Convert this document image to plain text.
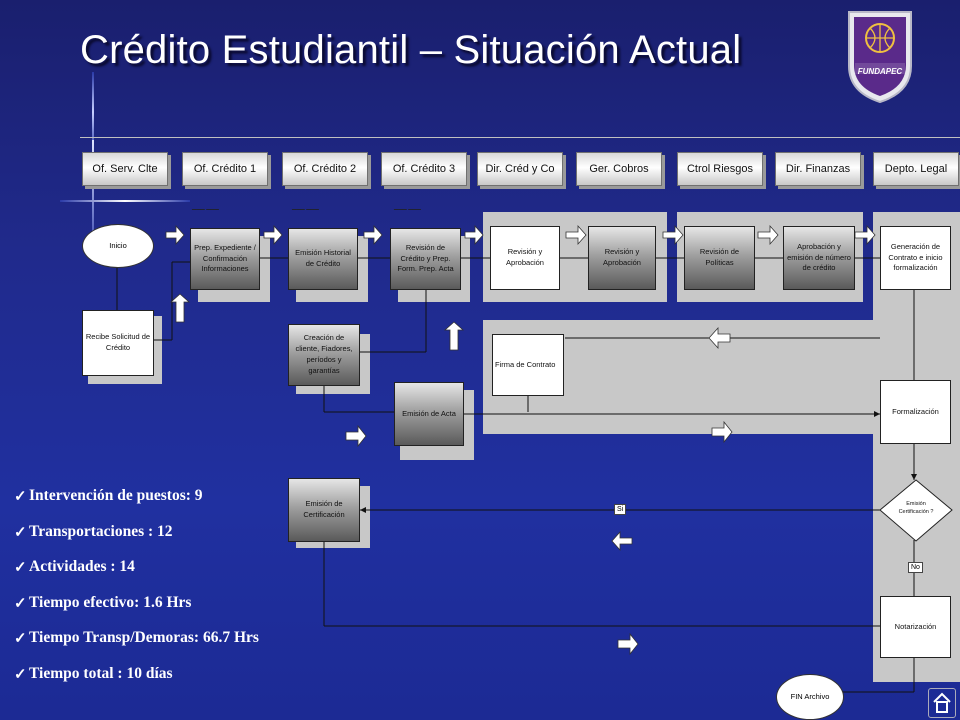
Crédito Estudiantil – Situación Actual	FUNDAPEC
Of. Serv. Clte	Of. Crédito 1	Of. Crédito 2	Of. Crédito 3	Dir. Créd y Co	Ger. Cobros	Ctrol Riesgos	Dir. Finanzas	Depto. Legal
▔▔▔ ▔▔▔	▔▔▔ ▔▔▔	▔▔▔ ▔▔▔
Inicio
Recibe Solicitud de Crédito
Prep. Expediente / Confirmación Informaciones
Emisión Historial de Crédito
Revisión de Crédito y Prep. Form. Prep. Acta
Creación de cliente, Fiadores, períodos y garantías
Emisión de Acta
Revisión y Aprobación
Revisión y Aprobación
Revisión de Políticas
Aprobación y emisión de número de crédito
Generación de Contrato e inicio formalización
Firma de Contrato
Formalización
Emisión Certificación ?
Si
No
Emisión de Certificación
Notarización
FIN Archivo
✓ Intervención de puestos: 9
✓ Transportaciones : 12
✓ Actividades : 14
✓ Tiempo efectivo: 1.6 Hrs
✓ Tiempo Transp/Demoras: 66.7 Hrs
✓ Tiempo total : 10 días
